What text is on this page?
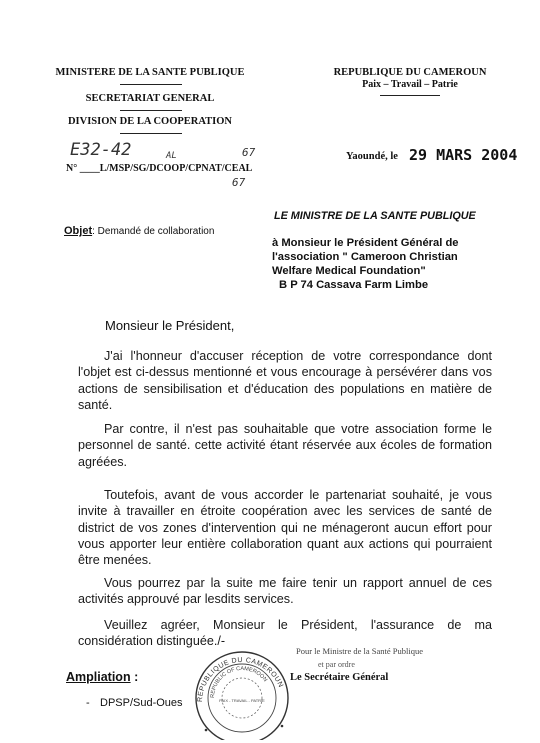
MINISTERE DE LA SANTE PUBLIQUE
SECRETARIAT GENERAL
DIVISION DE LA COOPERATION
REPUBLIQUE DU CAMEROUN
Paix – Travail – Patrie
E32-42	AL	67
67
N° ____L/MSP/SG/DCOOP/CPNAT/CEAL
Yaoundé, le 29 MARS 2004
LE MINISTRE DE LA SANTE PUBLIQUE
Objet: Demandé de collaboration
à Monsieur le Président Général de
l'association " Cameroon Christian
Welfare Medical Foundation"
B P 74 Cassava Farm Limbe
Monsieur le Président,
J'ai l'honneur d'accuser réception de votre correspondance dont l'objet est ci-dessus mentionné et vous encourage à persévérer dans vos actions de sensibilisation et d'éducation des populations en matière de santé.
Par contre, il n'est pas souhaitable que votre association forme le personnel de santé. cette activité étant réservée aux écoles de formation agréées.
Toutefois, avant de vous accorder le partenariat souhaité, je vous invite à travailler en étroite coopération avec les services de santé de district de vos zones d'intervention qui ne ménageront aucun effort pour vous apporter leur entière collaboration quant aux actions qui pourraient être menées.
Vous pourrez par la suite me faire tenir un rapport annuel de ces activités approuvé par lesdits services.
Veuillez agréer, Monsieur le Président, l'assurance de ma considération distinguée./-
Pour le Ministre de la Santé Publique
et par ordre
Le Secrétaire Général
REPUBLIQUE DU CAMEROUN
REPUBLIC OF CAMEROON
PAIX - TRAVAIL - PATRIE
Ampliation :
- DPSP/Sud-Oues
